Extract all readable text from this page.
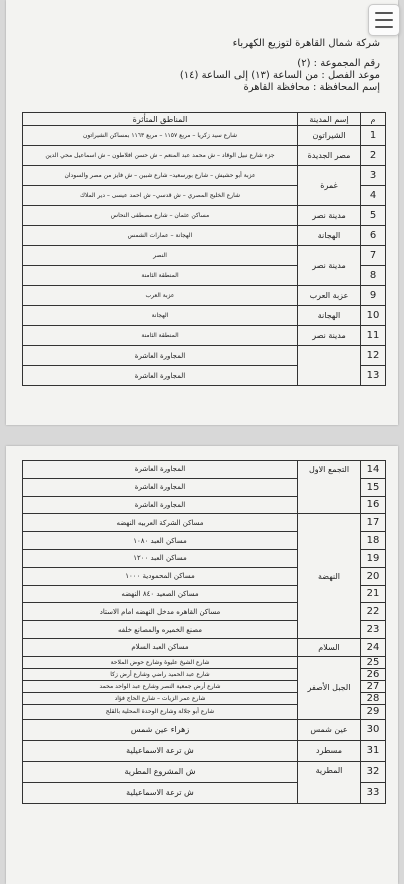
شركة شمال القاهرة لتوزيع الكهرباء
رقم المجموعة : (٢)
موعد الفصل : من الساعة (١٣) إلى الساعة (١٤)
إسم المحافظة : محافظة القاهرة
م	إسم المدينة	المناطق المتأثرة
1	الشيراتون	شارع سيد زكريا – مربع ١١٥٧ – مربع ١١٦٣ بمساكن الشيراتون
2	مصر الجديدة	جزء شارع نبيل الوقاد – ش محمد عبد المنعم – ش حسن افلاطون – ش اسماعيل محي الدين
3	غمرة	عزبة أبو حشيش – شارع بورسعيد– شارع شبين – ش فايز من مصر والسودان
4		شارع الخليج المصري – ش قدسي– ش احمد عيسى – دير الملاك
5	مدينة نصر	مساكن عثمان – شارع مصطفى النحاس
6	الهجانة	الهجانة – عمارات الشمس
7	مدينة نصر	النصر
8		المنطقة الثامنة
9	عزبة العرب	عزبة العرب
10	الهجانة	الهجانة
11	مدينة نصر	المنطقة الثامنة
12		المجاورة العاشرة
13		المجاورة العاشرة
14	التجمع الاول	المجاورة العاشرة
15		المجاورة العاشرة
16		المجاورة العاشرة
17	النهضة	مساكن الشركة العربيه النهضه
18		مساكن العبد ١٠٨٠
19		مساكن العبد ١٢٠٠
20		مساكن المحمودية ١٠٠٠
21		مساكن الصعيد ٨٤٠ النهضه
22		مساكن القاهره مدخل النهضه امام الاستاد
23		مصنع الخميره والمصانع خلفه
24	السلام	مساكن العبد السلام
25	الجبل الأصفر	شارع الشيخ عليوة وشارع حوض الملاحة
26		شارع عبد الحميد راضي وشارع أرض زكا
27		شارع أرض جمعية النصر وشارع عبد الواحد محمد
28		شارع عمر الزيات – شارع الحاج فؤاد
29		شارع أبو جلالة وشارع الوحدة المحلية بالقلج
30	عين شمس	زهراء عين شمس
31	مسطرد	ش ترعة الاسماعيلية
32	المطرية	ش المشروع المطرية
33		ش ترعة الاسماعيلية
